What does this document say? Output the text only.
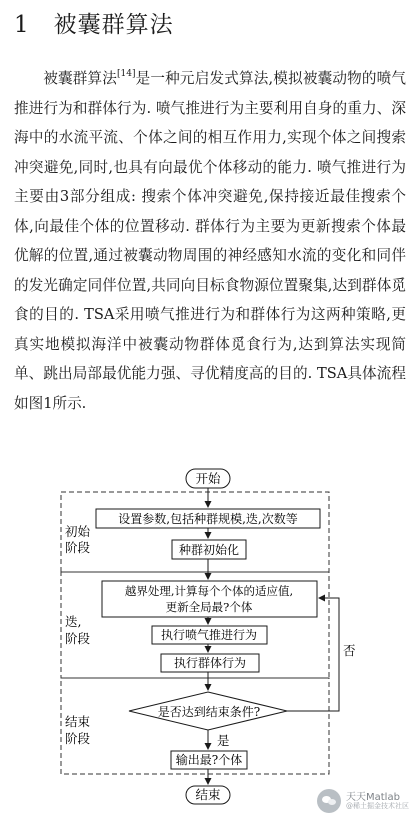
1 被囊群算法
被囊群算法[14]是一种元启发式算法,模拟被囊动物的喷气推进行为和群体行为. 喷气推进行为主要利用自身的重力、深海中的水流平流、个体之间的相互作用力,实现个体之间搜索冲突避免,同时,也具有向最优个体移动的能力. 喷气推进行为主要由3部分组成: 搜索个体冲突避免,保持接近最佳搜索个体,向最佳个体的位置移动. 群体行为主要为更新搜索个体最优解的位置,通过被囊动物周围的神经感知水流的变化和同伴的发光确定同伴位置,共同向目标食物源位置聚集,达到群体觅食的目的. TSA采用喷气推进行为和群体行为这两种策略,更真实地模拟海洋中被囊动物群体觅食行为,达到算法实现简单、跳出局部最优能力强、寻优精度高的目的. TSA具体流程如图1所示.
初始
阶段
迭,
阶段
结束
阶段
开始
设置参数,包括种群规模,迭,次数等
种群初始化
越界处理,计算每个个体的适应值,
更新全局最?个体
执行喷气推进行为
执行群体行为
是否达到结束条件?
否
是
输出最?个体
结束	天天Matlab
@稀土掘金技术社区
